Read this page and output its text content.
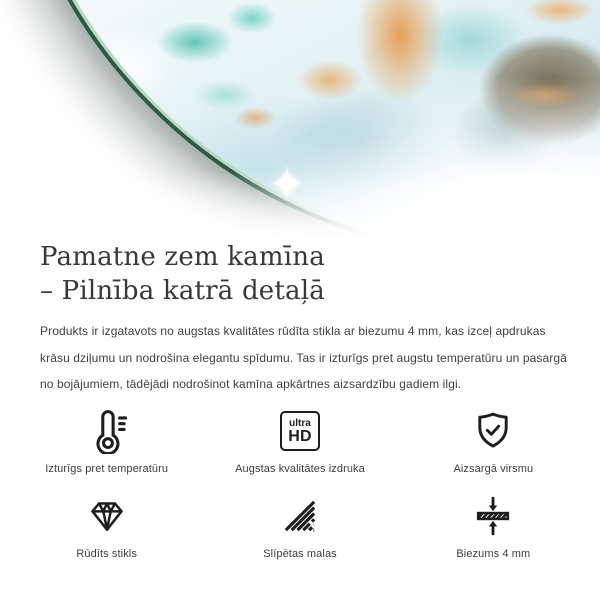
Pamatne zem kamīna
– Pilnība katrā detaļā
Produkts ir izgatavots no augstas kvalitātes rūdīta stikla ar biezumu 4 mm, kas izceļ apdrukas
krāsu dziļumu un nodrošina elegantu spīdumu. Tas ir izturīgs pret augstu temperatūru un pasargā
no bojājumiem, tādējādi nodrošinot kamīna apkārtnes aizsardzību gadiem ilgi.
Izturīgs pret temperatūru
ultra
HD
Augstas kvalitātes izdruka	Aizsargā virsmu
Rūdīts stikls	Slīpētas malas	Biezums 4 mm
